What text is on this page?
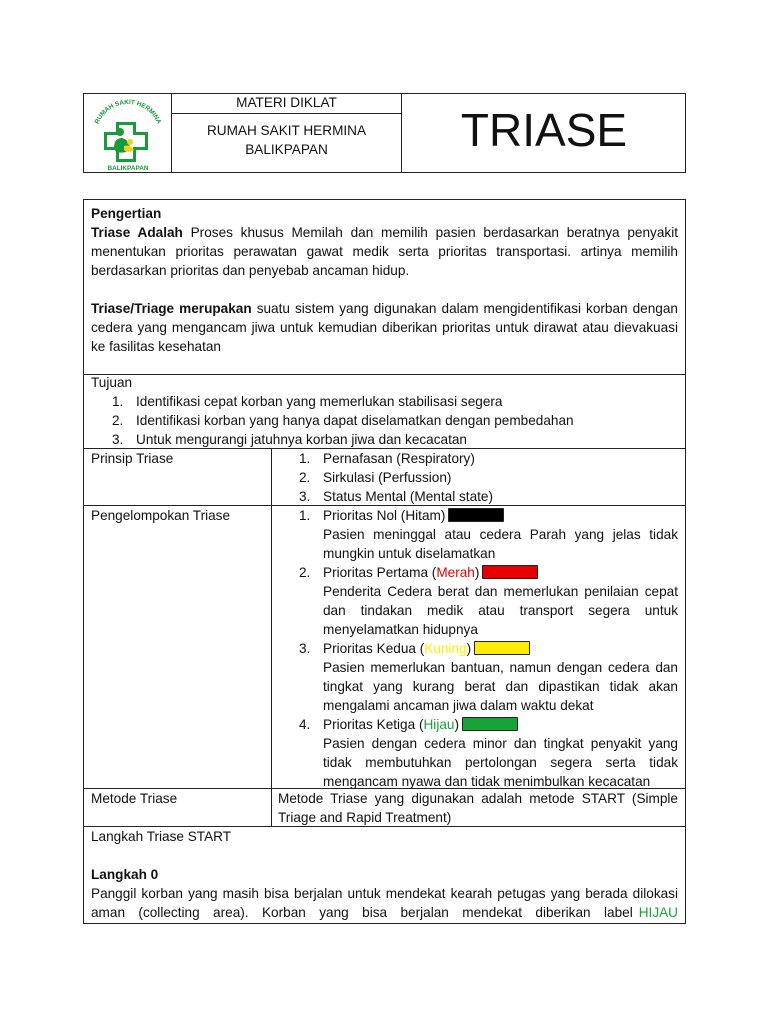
RUMAH SAKIT HERMINA
BALIKPAPAN
MATERI DIKLAT
RUMAH SAKIT HERMINA
BALIKPAPAN	TRIASE
Pengertian
Triase Adalah Proses khusus Memilah dan memilih pasien berdasarkan beratnya penyakit menentukan prioritas perawatan gawat medik serta prioritas transportasi. artinya memilih berdasarkan prioritas dan penyebab ancaman hidup.
Triase/Triage merupakan suatu sistem yang digunakan dalam mengidentifikasi korban dengan cedera yang mengancam jiwa untuk kemudian diberikan prioritas untuk dirawat atau dievakuasi ke fasilitas kesehatan
Tujuan
1. Identifikasi cepat korban yang memerlukan stabilisasi segera
2. Identifikasi korban yang hanya dapat diselamatkan dengan pembedahan
3. Untuk mengurangi jatuhnya korban jiwa dan kecacatan
Prinsip Triase	1. Pernafasan (Respiratory)
2. Sirkulasi (Perfussion)
3. Status Mental (Mental state)
Pengelompokan Triase	1. Prioritas Nol (Hitam)
Pasien meninggal atau cedera Parah yang jelas tidak
mungkin untuk diselamatkan
2. Prioritas Pertama (Merah)
Penderita Cedera berat dan memerlukan penilaian cepat
dan tindakan medik atau transport segera untuk
menyelamatkan hidupnya
3. Prioritas Kedua (Kuning)
Pasien memerlukan bantuan, namun dengan cedera dan
tingkat yang kurang berat dan dipastikan tidak akan
mengalami ancaman jiwa dalam waktu dekat
4. Prioritas Ketiga (Hijau)
Pasien dengan cedera minor dan tingkat penyakit yang
tidak membutuhkan pertolongan segera serta tidak
mengancam nyawa dan tidak menimbulkan kecacatan
Metode Triase	Metode Triase yang digunakan adalah metode START (Simple
Triage and Rapid Treatment)
Langkah Triase START
Langkah 0
Panggil korban yang masih bisa berjalan untuk mendekat kearah petugas yang berada dilokasi
aman (collecting area). Korban yang bisa berjalan mendekat diberikan label HIJAU
